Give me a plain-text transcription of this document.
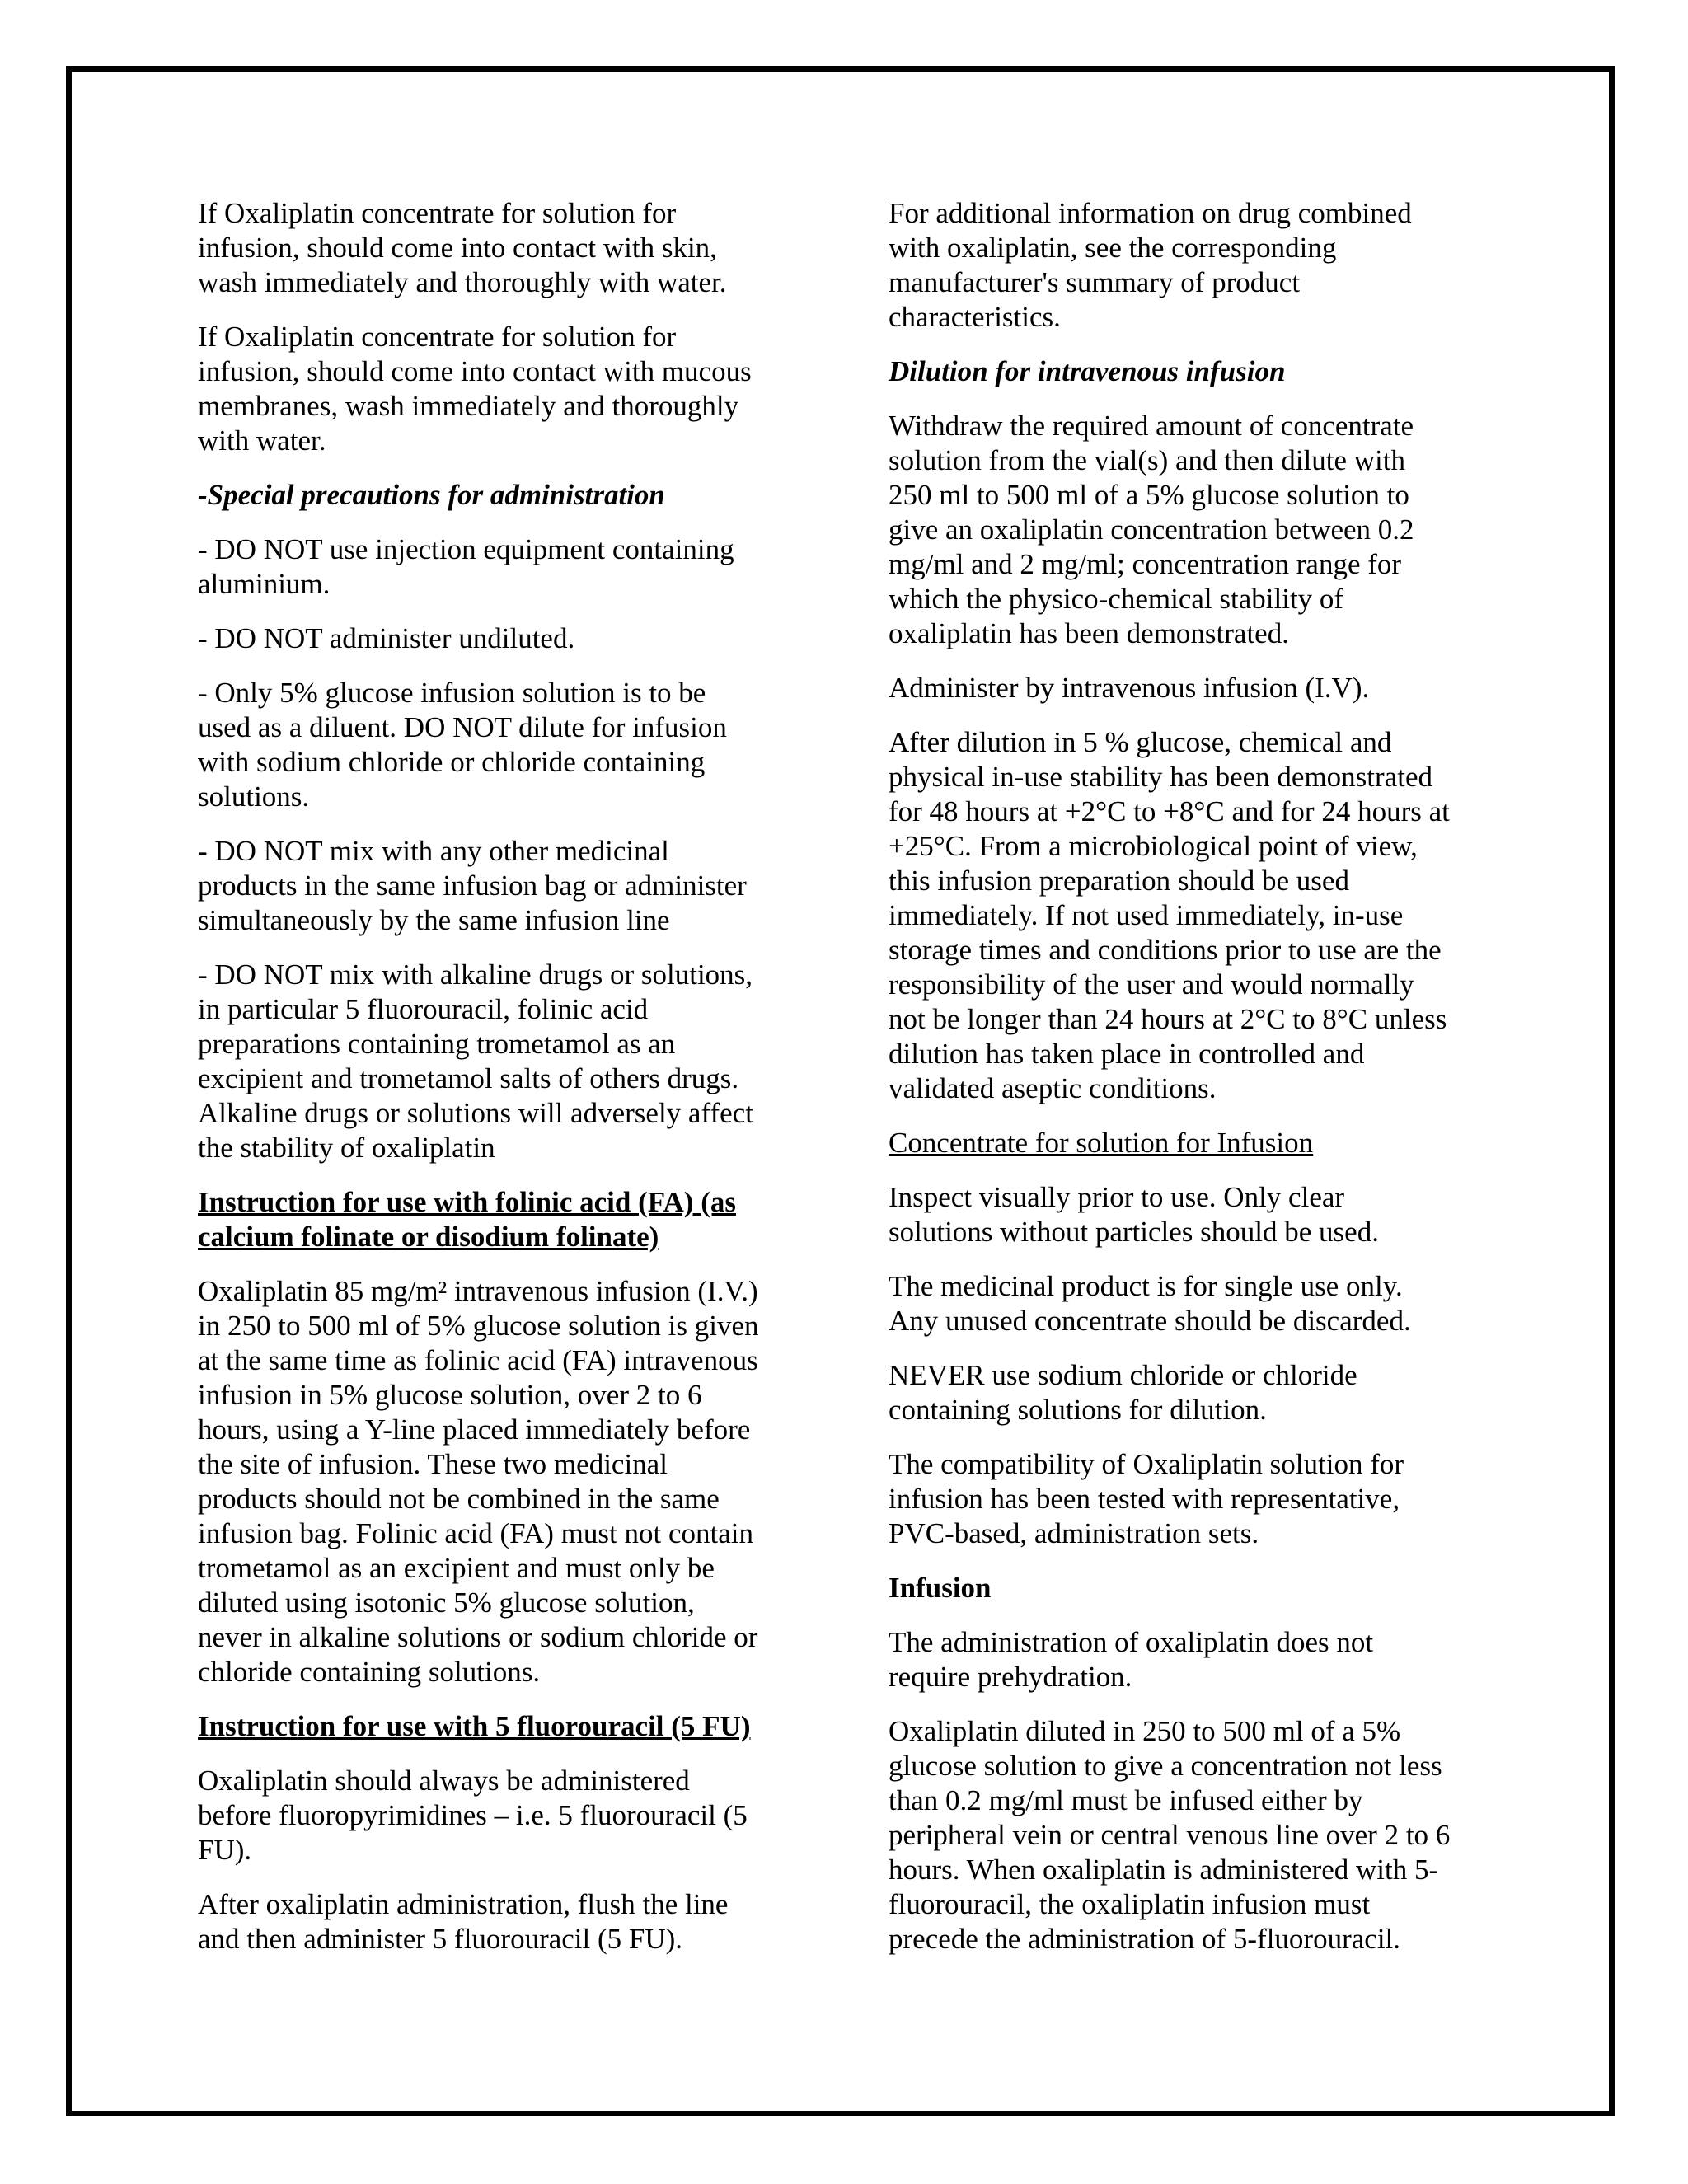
If Oxaliplatin concentrate for solution for
infusion, should come into contact with skin,
wash immediately and thoroughly with water.

If Oxaliplatin concentrate for solution for
infusion, should come into contact with mucous
membranes, wash immediately and thoroughly
with water.

-Special precautions for administration

- DO NOT use injection equipment containing
aluminium.

- DO NOT administer undiluted.

- Only 5% glucose infusion solution is to be
used as a diluent. DO NOT dilute for infusion
with sodium chloride or chloride containing
solutions.

- DO NOT mix with any other medicinal
products in the same infusion bag or administer
simultaneously by the same infusion line

- DO NOT mix with alkaline drugs or solutions,
in particular 5 fluorouracil, folinic acid
preparations containing trometamol as an
excipient and trometamol salts of others drugs.
Alkaline drugs or solutions will adversely affect
the stability of oxaliplatin

Instruction for use with folinic acid (FA) (as
calcium folinate or disodium folinate)

Oxaliplatin 85 mg/m² intravenous infusion (I.V.)
in 250 to 500 ml of 5% glucose solution is given
at the same time as folinic acid (FA) intravenous
infusion in 5% glucose solution, over 2 to 6
hours, using a Y-line placed immediately before
the site of infusion. These two medicinal
products should not be combined in the same
infusion bag. Folinic acid (FA) must not contain
trometamol as an excipient and must only be
diluted using isotonic 5% glucose solution,
never in alkaline solutions or sodium chloride or
chloride containing solutions.

Instruction for use with 5 fluorouracil (5 FU)

Oxaliplatin should always be administered
before fluoropyrimidines – i.e. 5 fluorouracil (5
FU).

After oxaliplatin administration, flush the line
and then administer 5 fluorouracil (5 FU).

For additional information on drug combined
with oxaliplatin, see the corresponding
manufacturer's summary of product
characteristics.

Dilution for intravenous infusion

Withdraw the required amount of concentrate
solution from the vial(s) and then dilute with
250 ml to 500 ml of a 5% glucose solution to
give an oxaliplatin concentration between 0.2
mg/ml and 2 mg/ml; concentration range for
which the physico-chemical stability of
oxaliplatin has been demonstrated.

Administer by intravenous infusion (I.V).

After dilution in 5 % glucose, chemical and
physical in-use stability has been demonstrated
for 48 hours at +2°C to +8°C and for 24 hours at
+25°C. From a microbiological point of view,
this infusion preparation should be used
immediately. If not used immediately, in-use
storage times and conditions prior to use are the
responsibility of the user and would normally
not be longer than 24 hours at 2°C to 8°C unless
dilution has taken place in controlled and
validated aseptic conditions.

Concentrate for solution for Infusion

Inspect visually prior to use. Only clear
solutions without particles should be used.

The medicinal product is for single use only.
Any unused concentrate should be discarded.

NEVER use sodium chloride or chloride
containing solutions for dilution.

The compatibility of Oxaliplatin solution for
infusion has been tested with representative,
PVC-based, administration sets.

Infusion

The administration of oxaliplatin does not
require prehydration.

Oxaliplatin diluted in 250 to 500 ml of a 5%
glucose solution to give a concentration not less
than 0.2 mg/ml must be infused either by
peripheral vein or central venous line over 2 to 6
hours. When oxaliplatin is administered with 5-
fluorouracil, the oxaliplatin infusion must
precede the administration of 5-fluorouracil.
